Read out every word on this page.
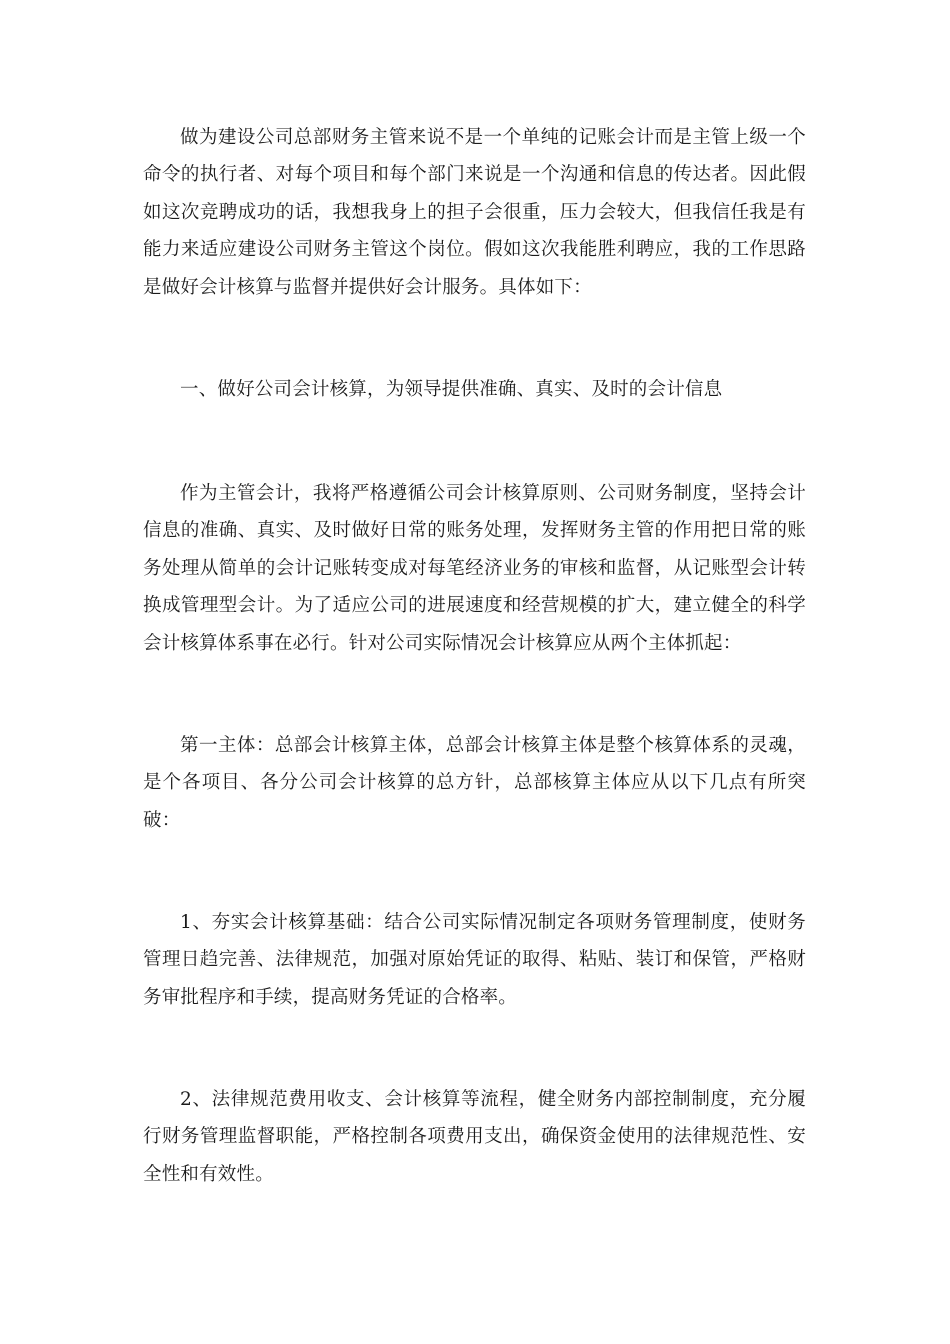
做为建设公司总部财务主管来说不是一个单纯的记账会计而是主管上级一个命令的执行者、对每个项目和每个部门来说是一个沟通和信息的传达者。因此假如这次竞聘成功的话，我想我身上的担子会很重，压力会较大，但我信任我是有能力来适应建设公司财务主管这个岗位。假如这次我能胜利聘应，我的工作思路是做好会计核算与监督并提供好会计服务。具体如下：

一、做好公司会计核算，为领导提供准确、真实、及时的会计信息

作为主管会计，我将严格遵循公司会计核算原则、公司财务制度，坚持会计信息的准确、真实、及时做好日常的账务处理，发挥财务主管的作用把日常的账务处理从简单的会计记账转变成对每笔经济业务的审核和监督，从记账型会计转换成管理型会计。为了适应公司的进展速度和经营规模的扩大，建立健全的科学会计核算体系事在必行。针对公司实际情况会计核算应从两个主体抓起：

第一主体：总部会计核算主体，总部会计核算主体是整个核算体系的灵魂，是个各项目、各分公司会计核算的总方针，总部核算主体应从以下几点有所突破：

1、夯实会计核算基础：结合公司实际情况制定各项财务管理制度，使财务管理日趋完善、法律规范，加强对原始凭证的取得、粘贴、装订和保管，严格财务审批程序和手续，提高财务凭证的合格率。

2、法律规范费用收支、会计核算等流程，健全财务内部控制制度，充分履行财务管理监督职能，严格控制各项费用支出，确保资金使用的法律规范性、安全性和有效性。
